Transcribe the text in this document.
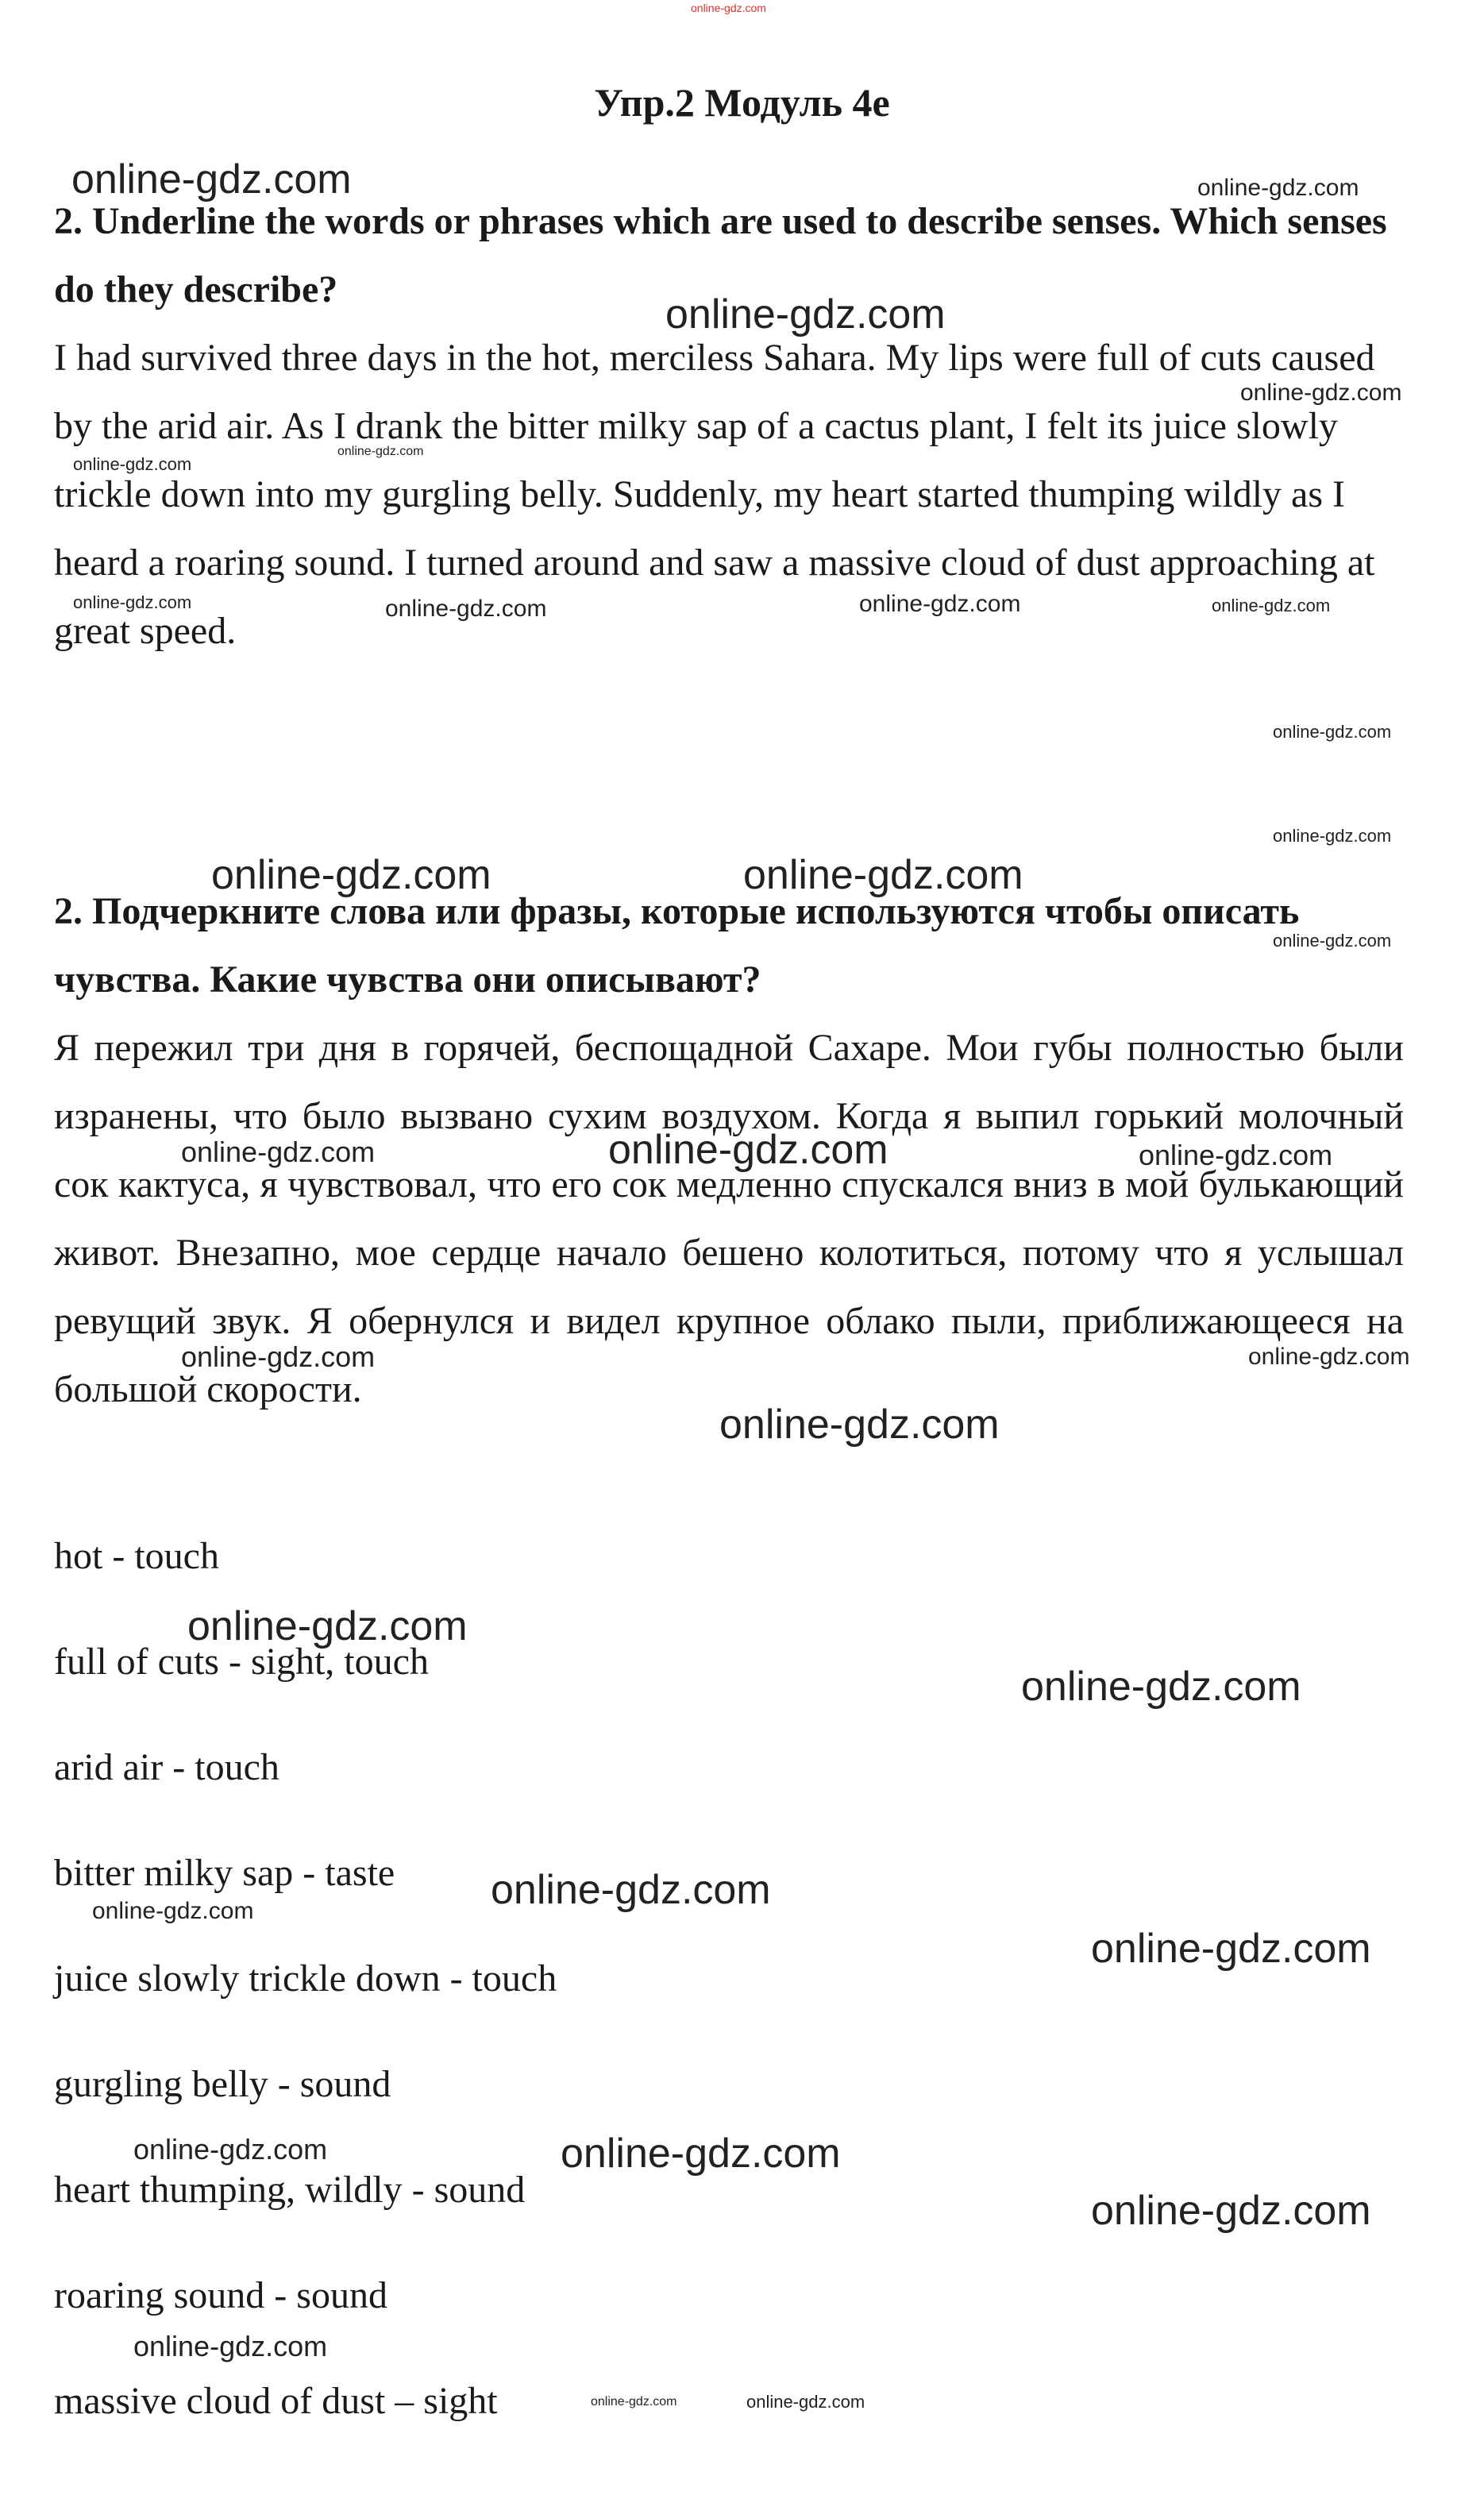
online-gdz.com
Упр.2 Модуль 4е

2. Underline the words or phrases which are used to describe senses. Which senses do they describe?

I had survived three days in the hot, merciless Sahara. My lips were full of cuts caused by the arid air. As I drank the bitter milky sap of a cactus plant, I felt its juice slowly trickle down into my gurgling belly. Suddenly, my heart started thumping wildly as I heard a roaring sound. I turned around and saw a massive cloud of dust approaching at great speed.

2. Подчеркните слова или фразы, которые используются чтобы описать чувства. Какие чувства они описывают?

Я пережил три дня в горячей, беспощадной Сахаре. Мои губы полностью были изранены, что было вызвано сухим воздухом. Когда я выпил горький молочный сок кактуса, я чувствовал, что его сок медленно спускался вниз в мой булькающий живот. Внезапно, мое сердце начало бешено колотиться, потому что я услышал ревущий звук. Я обернулся и видел крупное облако пыли, приближающееся на большой скорости.

hot - touch

full of cuts - sight, touch

arid air - touch

bitter milky sap - taste

juice slowly trickle down - touch

gurgling belly - sound

heart thumping, wildly - sound

roaring sound - sound

massive cloud of dust – sight

online-gdz.com	online-gdz.com
online-gdz.com
online-gdz.com
online-gdz.com
online-gdz.com
online-gdz.com
online-gdz.com	online-gdz.com	online-gdz.com
online-gdz.com
online-gdz.com
online-gdz.com	online-gdz.com
online-gdz.com
online-gdz.com	online-gdz.com	online-gdz.com
online-gdz.com	online-gdz.com
online-gdz.com
online-gdz.com
online-gdz.com
online-gdz.com
online-gdz.com
online-gdz.com
online-gdz.com	online-gdz.com
online-gdz.com
online-gdz.com
online-gdz.com	online-gdz.com
